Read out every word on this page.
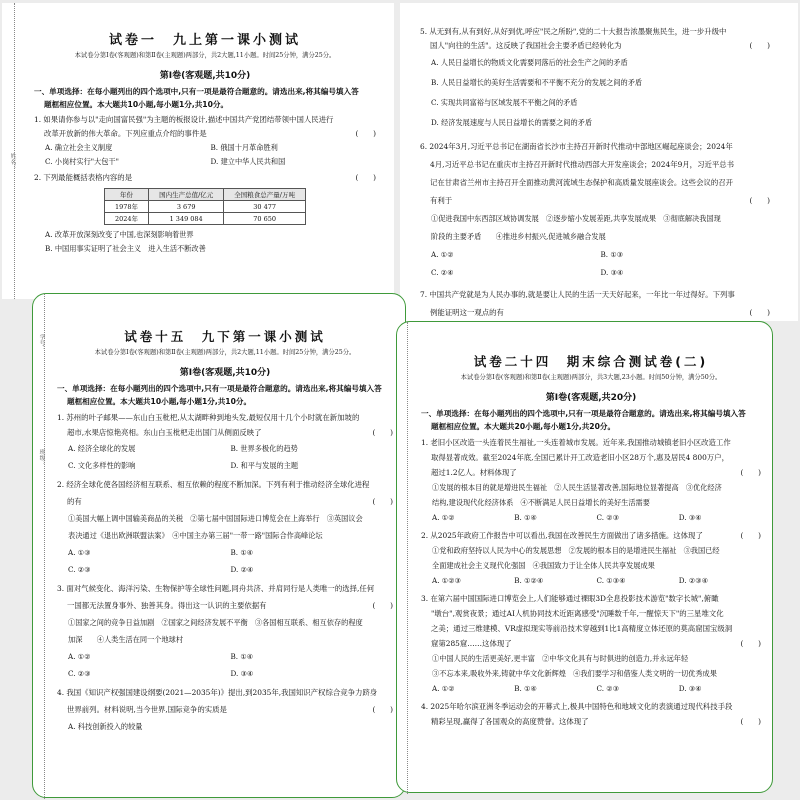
姓名：
试卷一　九上第一课小测试
本试卷分第Ⅰ卷(客观题)和第Ⅱ卷(主观题)两部分，共2大题,11小题。时间25分钟，满分25分。
第Ⅰ卷(客观题,共10分)
一、单项选择：在每小题列出的四个选项中,只有一项是最符合题意的。请选出来,将其编号填入答
题框相应位置。本大题共10小题,每小题1分,共10分。
1. 如果请你参与以"走向国富民强"为主题的板报设计,描述中国共产党团结带领中国人民进行
改革开放新的伟大革命。下列应重点介绍的事件是	(　　)
A. 确立社会主义制度	B. 俄国十月革命胜利
C. 小岗村实行"大包干"	D. 建立中华人民共和国
2. 下列最能概括表格内容的是	(　　)
年份	国内生产总值/亿元	全国粮食总产量/万吨
1978年	3 679	30 477
2024年	1 349 084	70 650
A. 改革开放深刻改变了中国,也深刻影响着世界
B. 中国用事实证明了社会主义　进入生活不断改善
5. 从无到有,从有到好,从好到优,呼应"民之所盼",党的二十大报告浓墨聚焦民生，进一步升级中
国人"向往的生活"。这反映了我国社会主要矛盾已经转化为	(　　)
A. 人民日益增长的物质文化需要同落后的社会生产之间的矛盾
B. 人民日益增长的美好生活需要和不平衡不充分的发展之间的矛盾
C. 实现共同富裕与区域发展不平衡之间的矛盾
D. 经济发展速度与人民日益增长的需要之间的矛盾
6. 2024年3月,习近平总书记在湖南省长沙市主持召开新时代推动中部地区崛起座谈会；2024年
4月,习近平总书记在重庆市主持召开新时代推动西部大开发座谈会；2024年9月，习近平总书
记在甘肃省兰州市主持召开全面推动黄河流域生态保护和高质量发展座谈会。这些会议的召开
有利于	(　　)
①促进我国中东西部区域协调发展　②逐步缩小发展差距,共享发展成果　③彻底解决我国现
阶段的主要矛盾　　④推进乡村振兴,促进城乡融合发展
A. ①②	B. ①③
C. ②④	D. ③④
7. 中国共产党就是为人民办事的,就是要让人民的生活一天天好起来，一年比一年过得好。下列事
例能证明这一观点的有	(　　)
学号：
班级：
试卷十五　九下第一课小测试
本试卷分第Ⅰ卷(客观题)和第Ⅱ卷(主观题)两部分，共2大题,11小题。时间25分钟，满分25分。
第Ⅰ卷(客观题,共10分)
一、单项选择：在每小题列出的四个选项中,只有一项是最符合题意的。请选出来,将其编号填入答
题框相应位置。本大题共10小题,每小题1分,共10分。
1. 苏州的叶子邮果——东山白玉枇杷,从太湖畔种到地头发,最短仅用十几个小时就在新加坡的
超市,水果店惊艳亮相。东山白玉枇杷走出国门从侧面反映了	(　　)
A. 经济全球化的发展	B. 世界多极化的趋势
C. 文化多样性的影响	D. 和平与发展的主题
2. 经济全球化使各国经济相互联系、相互依赖的程度不断加深。下列有利于推动经济全球化进程
的有	(　　)
①美国大幅上调中国输美商品的关税　②第七届中国国际进口博览会在上海举行　③英国议会
表决通过《退出欧洲联盟法案》　④中国主办第三届"一带一路"国际合作高峰论坛
A. ①③	B. ①④
C. ②③	D. ②④
3. 面对气候变化、海洋污染、生物保护等全球性问题,同舟共济、并肩同行是人类唯一的选择,任何
一国都无法置身事外、独善其身。得出这一认识的主要依据有	(　　)
①国家之间的竞争日益加剧　②国家之间经济发展不平衡　③各国相互联系、相互依存的程度
加深　　④人类生活在同一个地球村
A. ①②	B. ①④
C. ②③	D. ③④
4. 我国《知识产权强国建设纲要(2021—2035年)》提出,到2035年,我国知识产权综合竞争力跻身
世界前列。材料说明,当今世界,国际竞争的实质是	(　　)
A. 科技创新投入的较量
试卷二十四　期末综合测试卷(二)
本试卷分第Ⅰ卷(客观题)和第Ⅱ卷(主观题)两部分，共3大题,23小题。时间50分钟，满分50分。
第Ⅰ卷(客观题,共20分)
一、单项选择：在每小题列出的四个选项中,只有一项是最符合题意的。请选出来,将其编号填入答
题框相应位置。本大题共20小题,每小题1分,共20分。
1. 老旧小区改造一头连着民生福祉,一头连着城市发展。近年来,我国推动城镇老旧小区改造工作
取得显著成效。截至2024年底,全国已累计开工改造老旧小区28万个,惠及居民4 800万户，
超过1.2亿人。材料体现了	(　　)
①发展的根本目的就是增进民生福祉　②人民生活显著改善,国际地位显著提高　③优化经济
结构,建设现代化经济体系　④不断满足人民日益增长的美好生活需要
A. ①②	B. ①④	C. ②③	D. ③④
2. 从2025年政府工作报告中可以看出,我国在改善民生方面做出了诸多措施。这体现了	(　　)
①党和政府坚持以人民为中心的发展思想　②发展的根本目的是增进民生福祉　③我国已经
全面建成社会主义现代化强国　④我国致力于让全体人民共享发展成果
A. ①②③	B. ①②④	C. ①③④	D. ②③④
3. 在第六届中国国际进口博览会上,人们能够通过裸眼3D全息投影技术游览"数字长城",俯瞰
"墩台",观赏夜景；通过AI人机协同技术近距离感受"沉睡数千年,一醒惊天下"的三星堆文化
之美；通过三维建模、VR虚拟现实等前沿技术穿越到1比1高精度立体还原的莫高窟国宝级洞
窟第285窟……这体现了	(　　)
①中国人民的生活更美好,更丰富　②中华文化具有与时俱进的创造力,并永远年轻
③不忘本来,吸收外来,铸就中华文化新辉煌　④我们要学习和借鉴人类文明的一切优秀成果
A. ①②	B. ①④	C. ②③	D. ③④
4. 2025年哈尔滨亚洲冬季运动会的开幕式上,极具中国特色和地域文化的表演通过现代科技手段
精彩呈现,赢得了各国观众的高度赞誉。这体现了	(　　)
